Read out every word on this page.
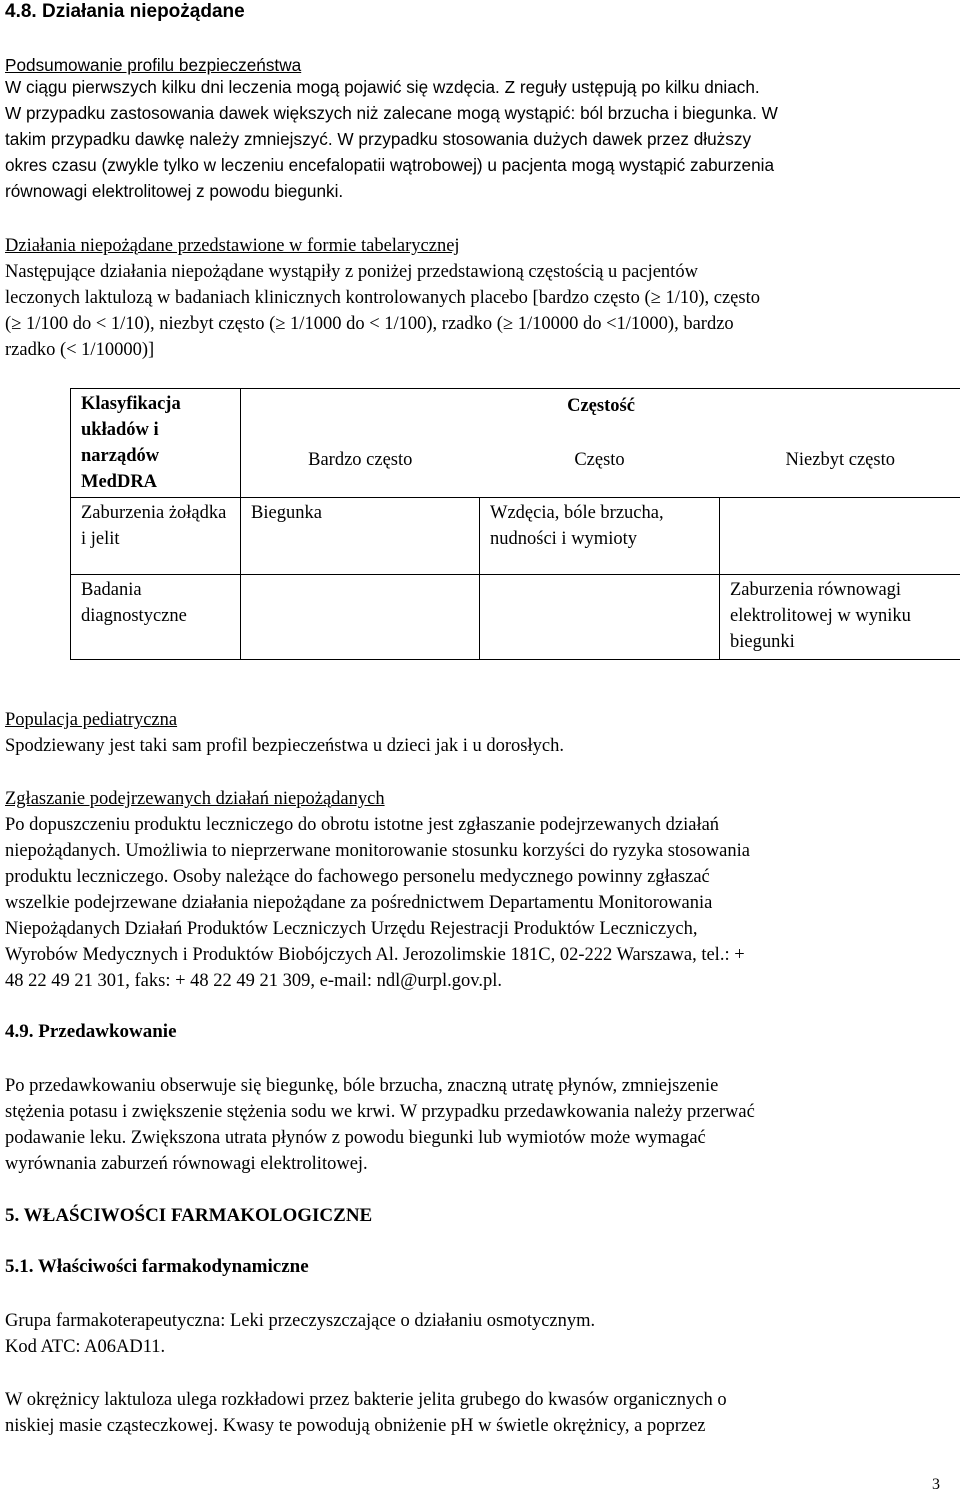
4.8. Działania niepożądane
Podsumowanie profilu bezpieczeństwa
W ciągu pierwszych kilku dni leczenia mogą pojawić się wzdęcia. Z reguły ustępują po kilku dniach.
W przypadku zastosowania dawek większych niż zalecane mogą wystąpić: ból brzucha i biegunka. W
takim przypadku dawkę należy zmniejszyć. W przypadku stosowania dużych dawek przez dłuższy
okres czasu (zwykle tylko w leczeniu encefalopatii wątrobowej) u pacjenta mogą wystąpić zaburzenia
równowagi elektrolitowej z powodu biegunki.
Działania niepożądane przedstawione w formie tabelarycznej
Następujące działania niepożądane wystąpiły z poniżej przedstawioną częstością u pacjentów
leczonych laktulozą w badaniach klinicznych kontrolowanych placebo [bardzo często (≥ 1/10), często
(≥ 1/100 do < 1/10), niezbyt często (≥ 1/1000 do < 1/100), rzadko (≥ 1/10000 do <1/1000), bardzo
rzadko (< 1/10000)]
Klasyfikacja układów i narządów MedDRA	Częstość		
	Bardzo często	Często	Niezbyt często
Zaburzenia żołądka i jelit	Biegunka	Wzdęcia, bóle brzucha, nudności i wymioty	
Badania diagnostyczne			Zaburzenia równowagi elektrolitowej w wyniku biegunki
Populacja pediatryczna
Spodziewany jest taki sam profil bezpieczeństwa u dzieci jak i u dorosłych.
Zgłaszanie podejrzewanych działań niepożądanych
Po dopuszczeniu produktu leczniczego do obrotu istotne jest zgłaszanie podejrzewanych działań
niepożądanych. Umożliwia to nieprzerwane monitorowanie stosunku korzyści do ryzyka stosowania
produktu leczniczego. Osoby należące do fachowego personelu medycznego powinny zgłaszać
wszelkie podejrzewane działania niepożądane za pośrednictwem Departamentu Monitorowania
Niepożądanych Działań Produktów Leczniczych Urzędu Rejestracji Produktów Leczniczych,
Wyrobów Medycznych i Produktów Biobójczych Al. Jerozolimskie 181C, 02-222 Warszawa, tel.: +
48 22 49 21 301, faks: + 48 22 49 21 309, e-mail: ndl@urpl.gov.pl.
4.9. Przedawkowanie
Po przedawkowaniu obserwuje się biegunkę, bóle brzucha, znaczną utratę płynów, zmniejszenie
stężenia potasu i zwiększenie stężenia sodu we krwi. W przypadku przedawkowania należy przerwać
podawanie leku. Zwiększona utrata płynów z powodu biegunki lub wymiotów może wymagać
wyrównania zaburzeń równowagi elektrolitowej.
5. WŁAŚCIWOŚCI FARMAKOLOGICZNE
5.1. Właściwości farmakodynamiczne
Grupa farmakoterapeutyczna: Leki przeczyszczające o działaniu osmotycznym.
Kod ATC: A06AD11.
W okrężnicy laktuloza ulega rozkładowi przez bakterie jelita grubego do kwasów organicznych o
niskiej masie cząsteczkowej. Kwasy te powodują obniżenie pH w świetle okrężnicy, a poprzez
3
